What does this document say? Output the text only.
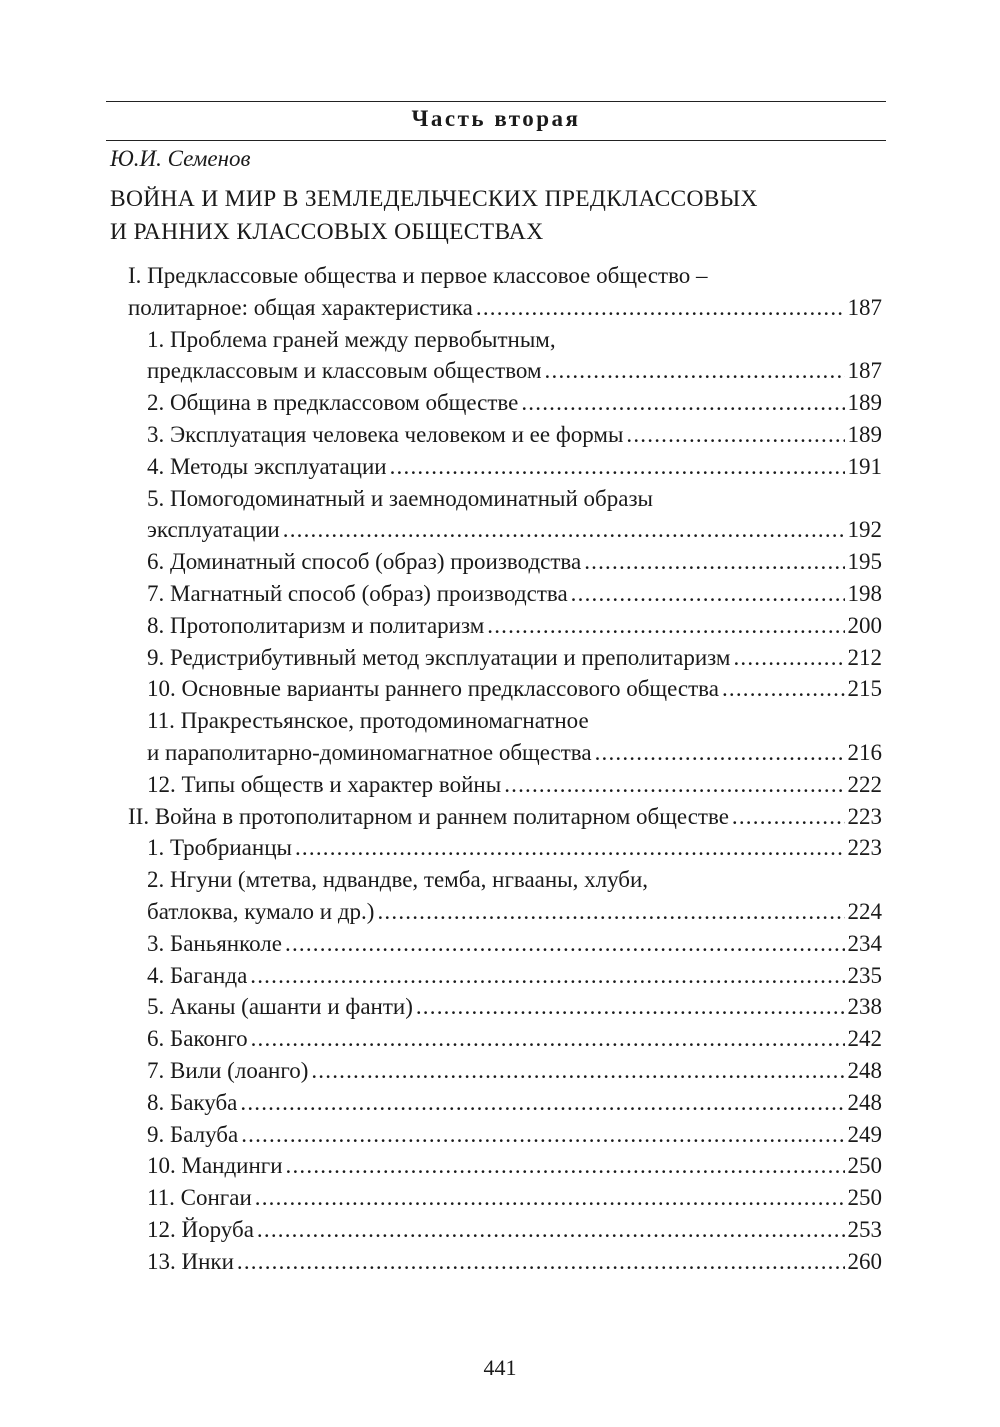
Часть вторая
Ю.И. Семенов
ВОЙНА И МИР В ЗЕМЛЕДЕЛЬЧЕСКИХ ПРЕДКЛАССОВЫХ
И РАННИХ КЛАССОВЫХ ОБЩЕСТВАХ
I. Предклассовые общества и первое классовое общество –
политарное: общая характеристика .....	187
1. Проблема граней между первобытным,
предклассовым и классовым обществом .....	187
2. Община в предклассовом обществе .....	189
3. Эксплуатация человека человеком и ее формы .....	189
4. Методы эксплуатации .....	191
5. Помогодоминатный и заемнодоминатный образы
эксплуатации .....	192
6. Доминатный способ (образ) производства .....	195
7. Магнатный способ (образ) производства .....	198
8. Протополитаризм и политаризм .....	200
9. Редистрибутивный метод эксплуатации и преполитаризм .....	212
10. Основные варианты раннего предклассового общества .....	215
11. Пракрестьянское, протодоминомагнатное
и параполитарно-доминомагнатное общества .....	216
12. Типы обществ и характер войны .....	222
II. Война в протополитарном и раннем политарном обществе .....	223
1. Тробрианцы .....	223
2. Нгуни (мтетва, ндвандве, темба, нгвааны, хлуби,
батлоква, кумало и др.) .....	224
3. Баньянколе .....	234
4. Баганда .....	235
5. Аканы (ашанти и фанти) .....	238
6. Баконго .....	242
7. Вили (лоанго) .....	248
8. Бакуба .....	248
9. Балуба .....	249
10. Мандинги .....	250
11. Сонгаи .....	250
12. Йоруба .....	253
13. Инки .....	260
441
